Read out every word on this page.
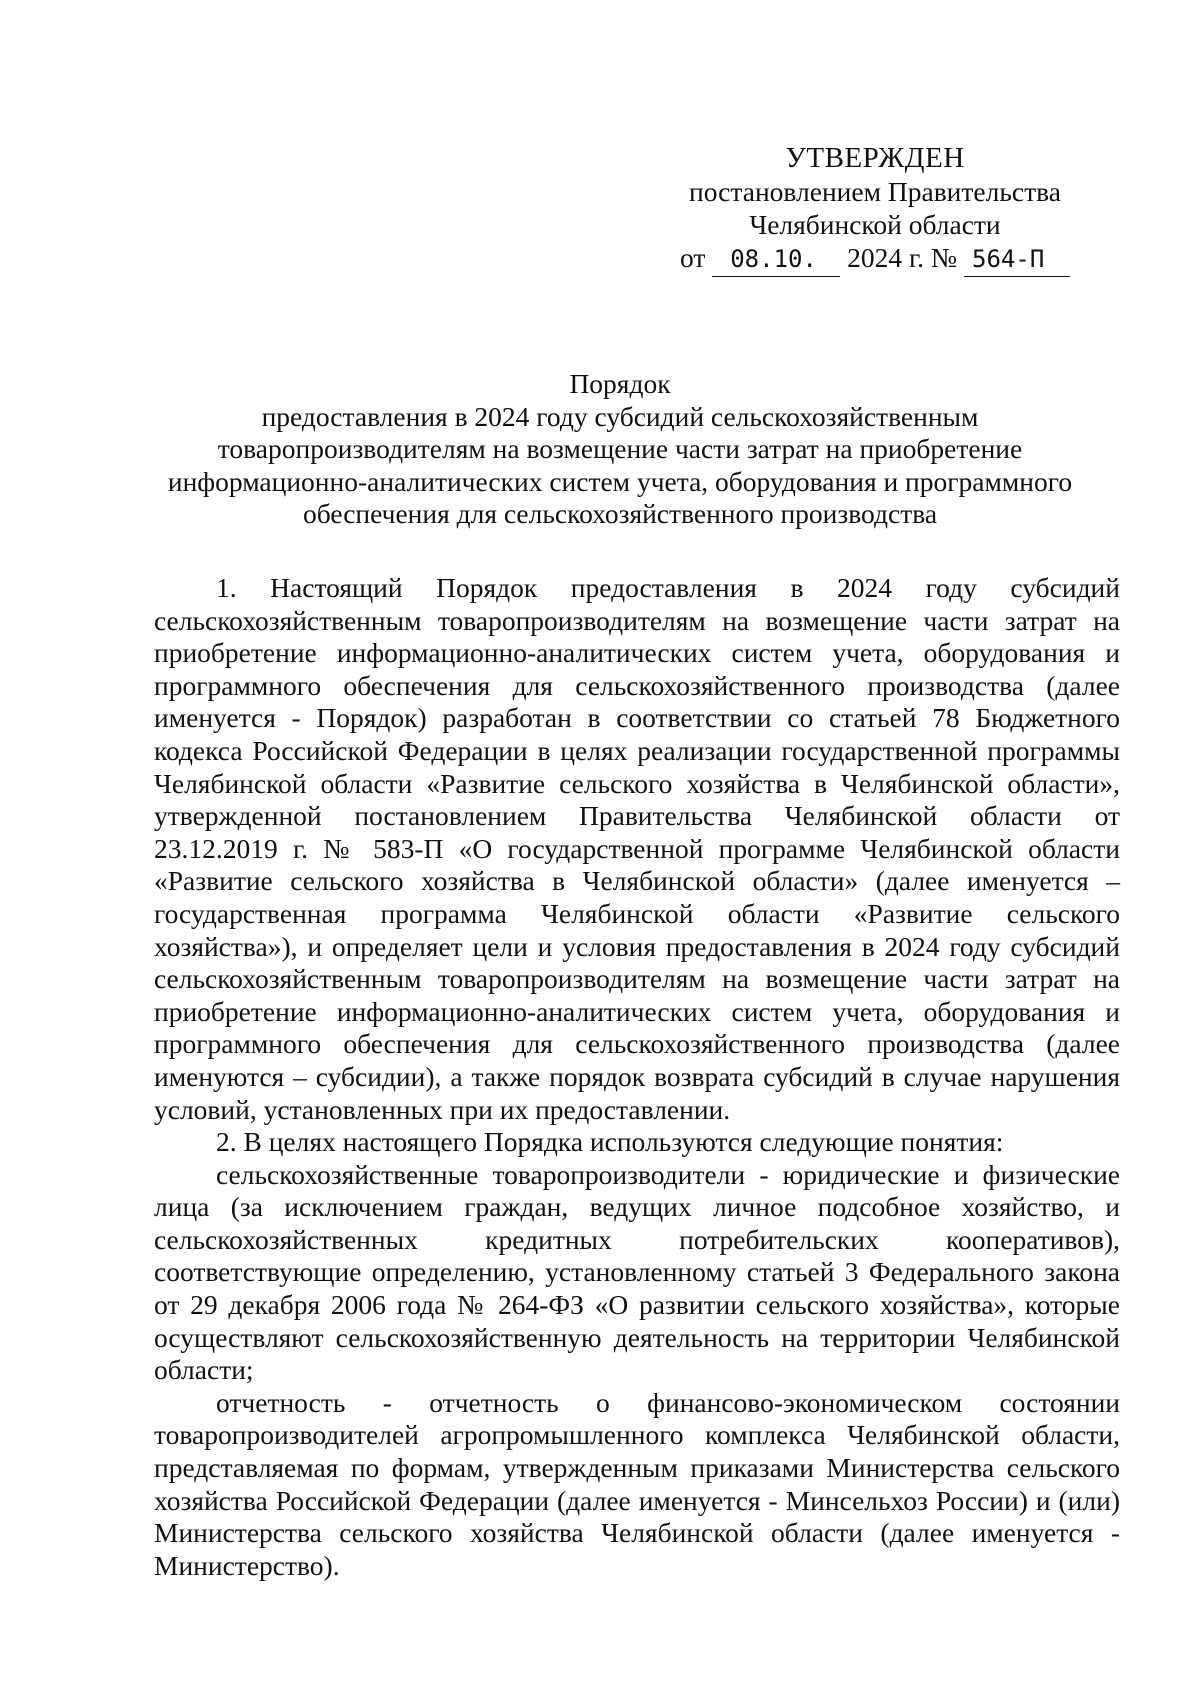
УТВЕРЖДЕН
постановлением Правительства
Челябинской области
от 08.10. 2024 г. № 564-П
Порядок
предоставления в 2024 году субсидий сельскохозяйственным
товаропроизводителям на возмещение части затрат на приобретение
информационно-аналитических систем учета, оборудования и программного
обеспечения для сельскохозяйственного производства

1. Настоящий Порядок предоставления в 2024 году субсидий сельскохозяйственным товаропроизводителям на возмещение части затрат на приобретение информационно-аналитических систем учета, оборудования и программного обеспечения для сельскохозяйственного производства (далее именуется - Порядок) разработан в соответствии со статьей 78 Бюджетного кодекса Российской Федерации в целях реализации государственной программы Челябинской области «Развитие сельского хозяйства в Челябинской области», утвержденной постановлением Правительства Челябинской области от 23.12.2019 г. № 583-П «О государственной программе Челябинской области «Развитие сельского хозяйства в Челябинской области» (далее именуется – государственная программа Челябинской области «Развитие сельского хозяйства»), и определяет цели и условия предоставления в 2024 году субсидий сельскохозяйственным товаропроизводителям на возмещение части затрат на приобретение информационно-аналитических систем учета, оборудования и программного обеспечения для сельскохозяйственного производства (далее именуются – субсидии), а также порядок возврата субсидий в случае нарушения условий, установленных при их предоставлении.

2. В целях настоящего Порядка используются следующие понятия:

сельскохозяйственные товаропроизводители - юридические и физические лица (за исключением граждан, ведущих личное подсобное хозяйство, и сельскохозяйственных кредитных потребительских кооперативов), соответствующие определению, установленному статьей 3 Федерального закона от 29 декабря 2006 года № 264-ФЗ «О развитии сельского хозяйства», которые осуществляют сельскохозяйственную деятельность на территории Челябинской области;

отчетность - отчетность о финансово-экономическом состоянии товаропроизводителей агропромышленного комплекса Челябинской области, представляемая по формам, утвержденным приказами Министерства сельского хозяйства Российской Федерации (далее именуется - Минсельхоз России) и (или) Министерства сельского хозяйства Челябинской области (далее именуется - Министерство).
